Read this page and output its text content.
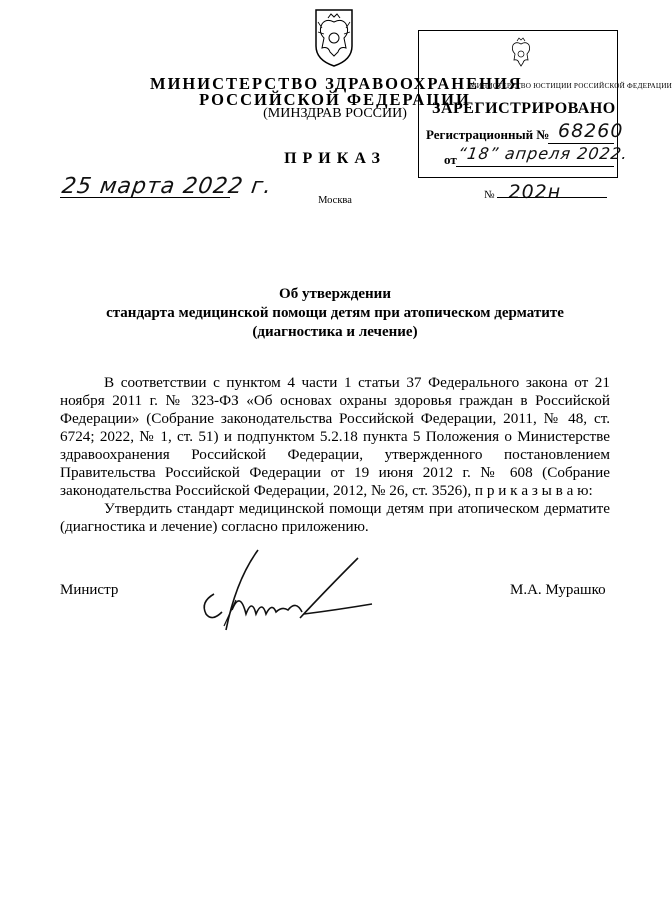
МИНИСТЕРСТВО ЗДРАВООХРАНЕНИЯ
РОССИЙСКОЙ ФЕДЕРАЦИИ
(МИНЗДРАВ РОССИИ)
МИНИСТЕРСТВО ЮСТИЦИИ РОССИЙСКОЙ ФЕДЕРАЦИИ
ЗАРЕГИСТРИРОВАНО
Регистрационный № 68260
от “18” апреля 2022.
ПРИКАЗ
25 марта 2022 г.
Москва	№ 202н
Об утверждении
стандарта медицинской помощи детям при атопическом дерматите
(диагностика и лечение)

В соответствии с пунктом 4 части 1 статьи 37 Федерального закона от 21 ноября 2011 г. № 323-ФЗ «Об основах охраны здоровья граждан в Российской Федерации» (Собрание законодательства Российской Федерации, 2011, № 48, ст. 6724; 2022, № 1, ст. 51) и подпунктом 5.2.18 пункта 5 Положения о Министерстве здравоохранения Российской Федерации, утвержденного постановлением Правительства Российской Федерации от 19 июня 2012 г. № 608 (Собрание законодательства Российской Федерации, 2012, № 26, ст. 3526), п р и к а з ы в а ю:

Утвердить стандарт медицинской помощи детям при атопическом дерматите (диагностика и лечение) согласно приложению.

Министр	М.А. Мурашко
